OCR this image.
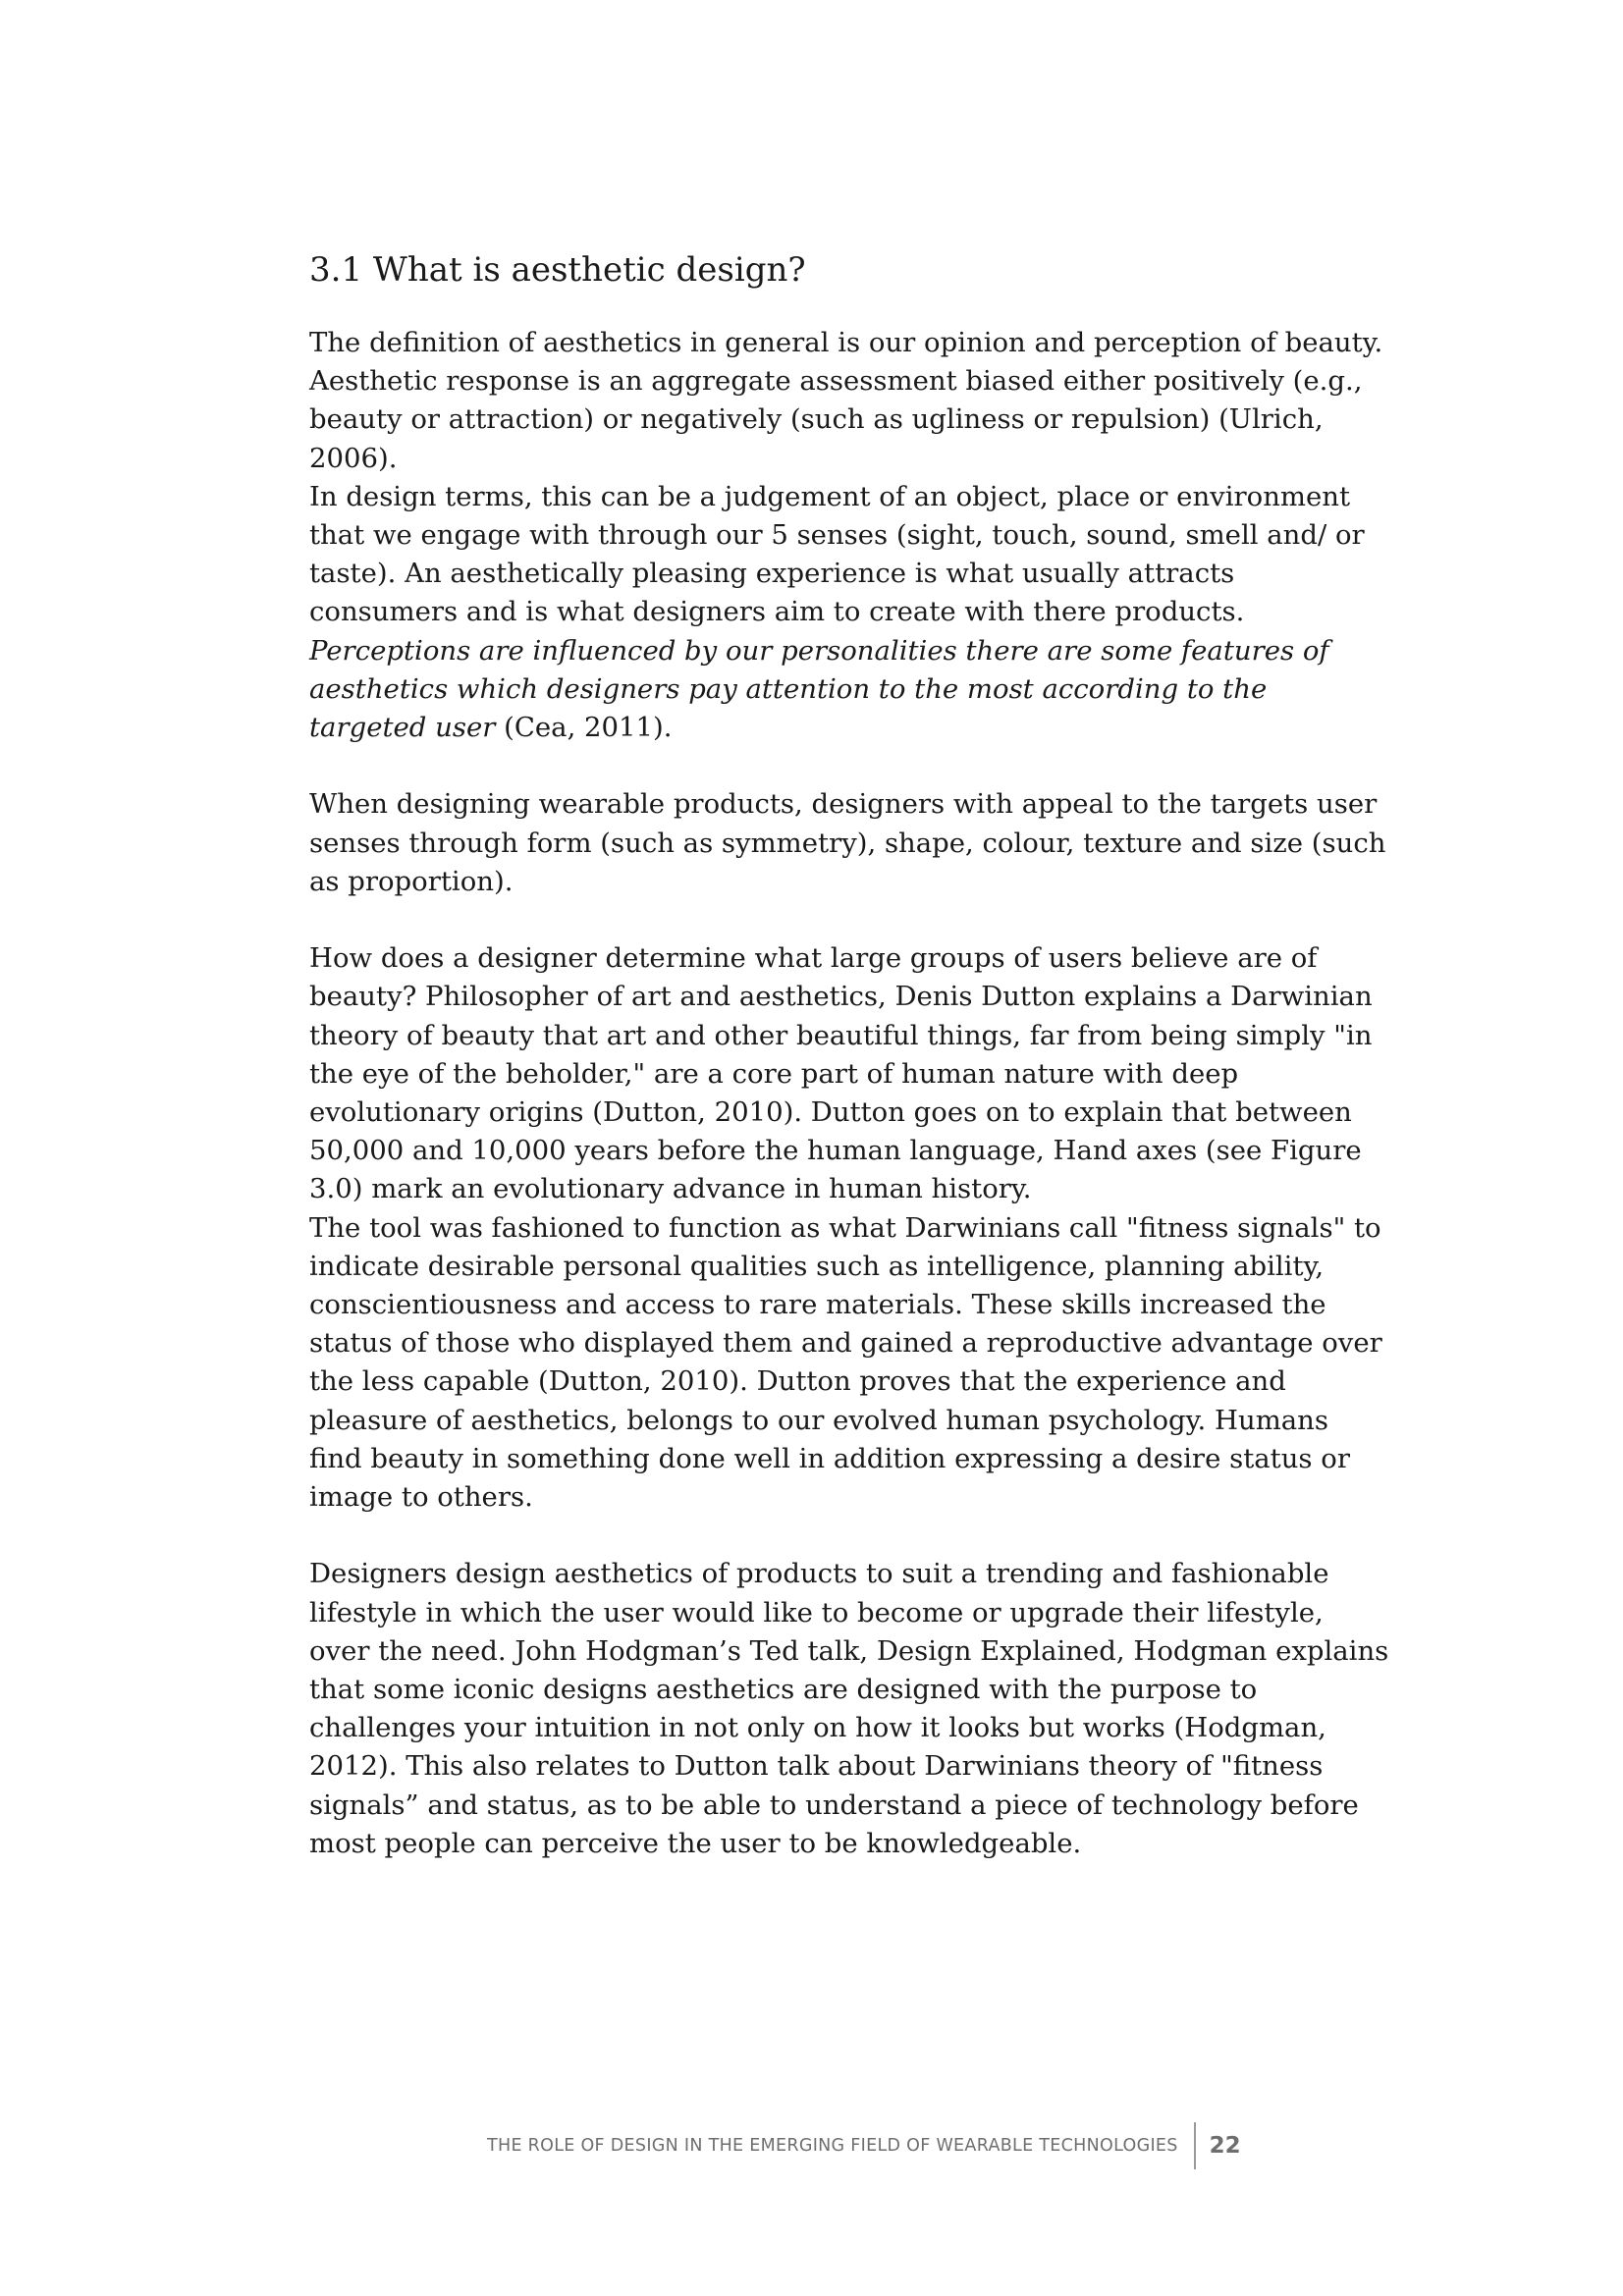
3.1 What is aesthetic design?

The definition of aesthetics in general is our opinion and perception of beauty. Aesthetic response is an aggregate assessment biased either positively (e.g., beauty or attraction) or negatively (such as ugliness or repulsion) (Ulrich, 2006).

In design terms, this can be a judgement of an object, place or environment that we engage with through our 5 senses (sight, touch, sound, smell and/ or taste). An aesthetically pleasing experience is what usually attracts consumers and is what designers aim to create with there products.

Perceptions are influenced by our personalities there are some features of aesthetics which designers pay attention to the most according to the targeted user (Cea, 2011).

When designing wearable products, designers with appeal to the targets user senses through form (such as symmetry), shape, colour, texture and size (such as proportion).

How does a designer determine what large groups of users believe are of beauty? Philosopher of art and aesthetics, Denis Dutton explains a Darwinian theory of beauty that art and other beautiful things, far from being simply "in the eye of the beholder," are a core part of human nature with deep evolutionary origins (Dutton, 2010). Dutton goes on to explain that between 50,000 and 10,000 years before the human language, Hand axes (see Figure 3.0) mark an evolutionary advance in human history.

The tool was fashioned to function as what Darwinians call "fitness signals" to indicate desirable personal qualities such as intelligence, planning ability, conscientiousness and access to rare materials. These skills increased the status of those who displayed them and gained a reproductive advantage over the less capable (Dutton, 2010). Dutton proves that the experience and pleasure of aesthetics, belongs to our evolved human psychology. Humans find beauty in something done well in addition expressing a desire status or image to others.

Designers design aesthetics of products to suit a trending and fashionable lifestyle in which the user would like to become or upgrade their lifestyle, over the need. John Hodgman’s Ted talk, Design Explained, Hodgman explains that some iconic designs aesthetics are designed with the purpose to challenges your intuition in not only on how it looks but works (Hodgman, 2012). This also relates to Dutton talk about Darwinians theory of "fitness signals” and status, as to be able to understand a piece of technology before most people can perceive the user to be knowledgeable.

THE ROLE OF DESIGN IN THE EMERGING FIELD OF WEARABLE TECHNOLOGIES 22
